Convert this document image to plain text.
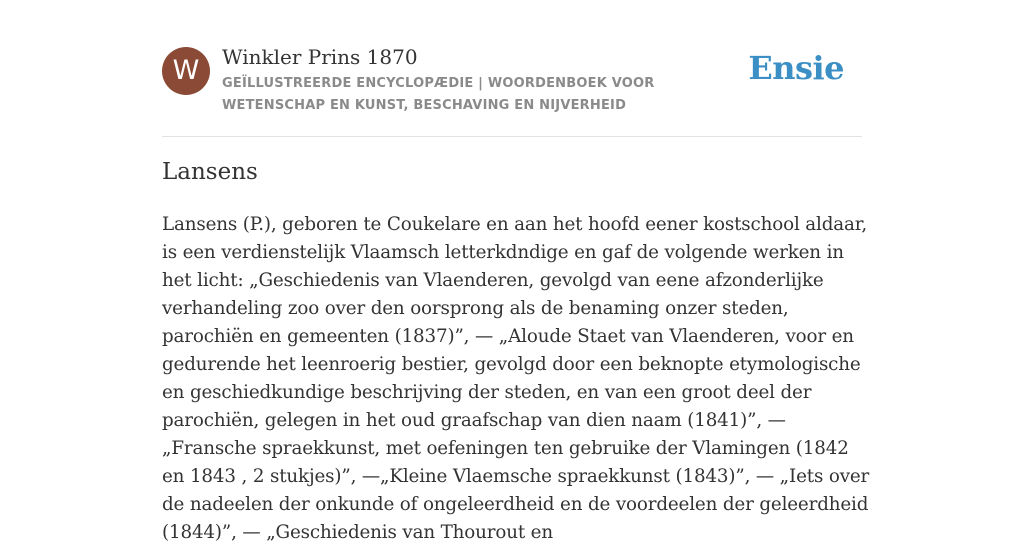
W	Winkler Prins 1870
GEÏLLUSTREERDE ENCYCLOPÆDIE | WOORDENBOEK VOOR WETENSCHAP EN KUNST, BESCHAVING EN NIJVERHEID
Ensie
Lansens

Lansens (P.), geboren te Coukelare en aan het hoofd eener kostschool aldaar, is een verdienstelijk Vlaamsch letterkdndige en gaf de volgende werken in het licht: „Geschiedenis van Vlaenderen, gevolgd van eene afzonderlijke verhandeling zoo over den oorsprong als de benaming onzer steden, parochiën en gemeenten (1837)”, — „Aloude Staet van Vlaenderen, voor en gedurende het leenroerig bestier, gevolgd door een beknopte etymologische en geschiedkundige beschrijving der steden, en van een groot deel der parochiën, gelegen in het oud graafschap van dien naam (1841)”, — „Fransche spraekkunst, met oefeningen ten gebruike der Vlamingen (1842 en 1843 , 2 stukjes)”, —„Kleine Vlaemsche spraekkunst (1843)”, — „Iets over de nadeelen der onkunde of ongeleerdheid en de voordeelen der geleerdheid (1844)”, — „Geschiedenis van Thourout en
